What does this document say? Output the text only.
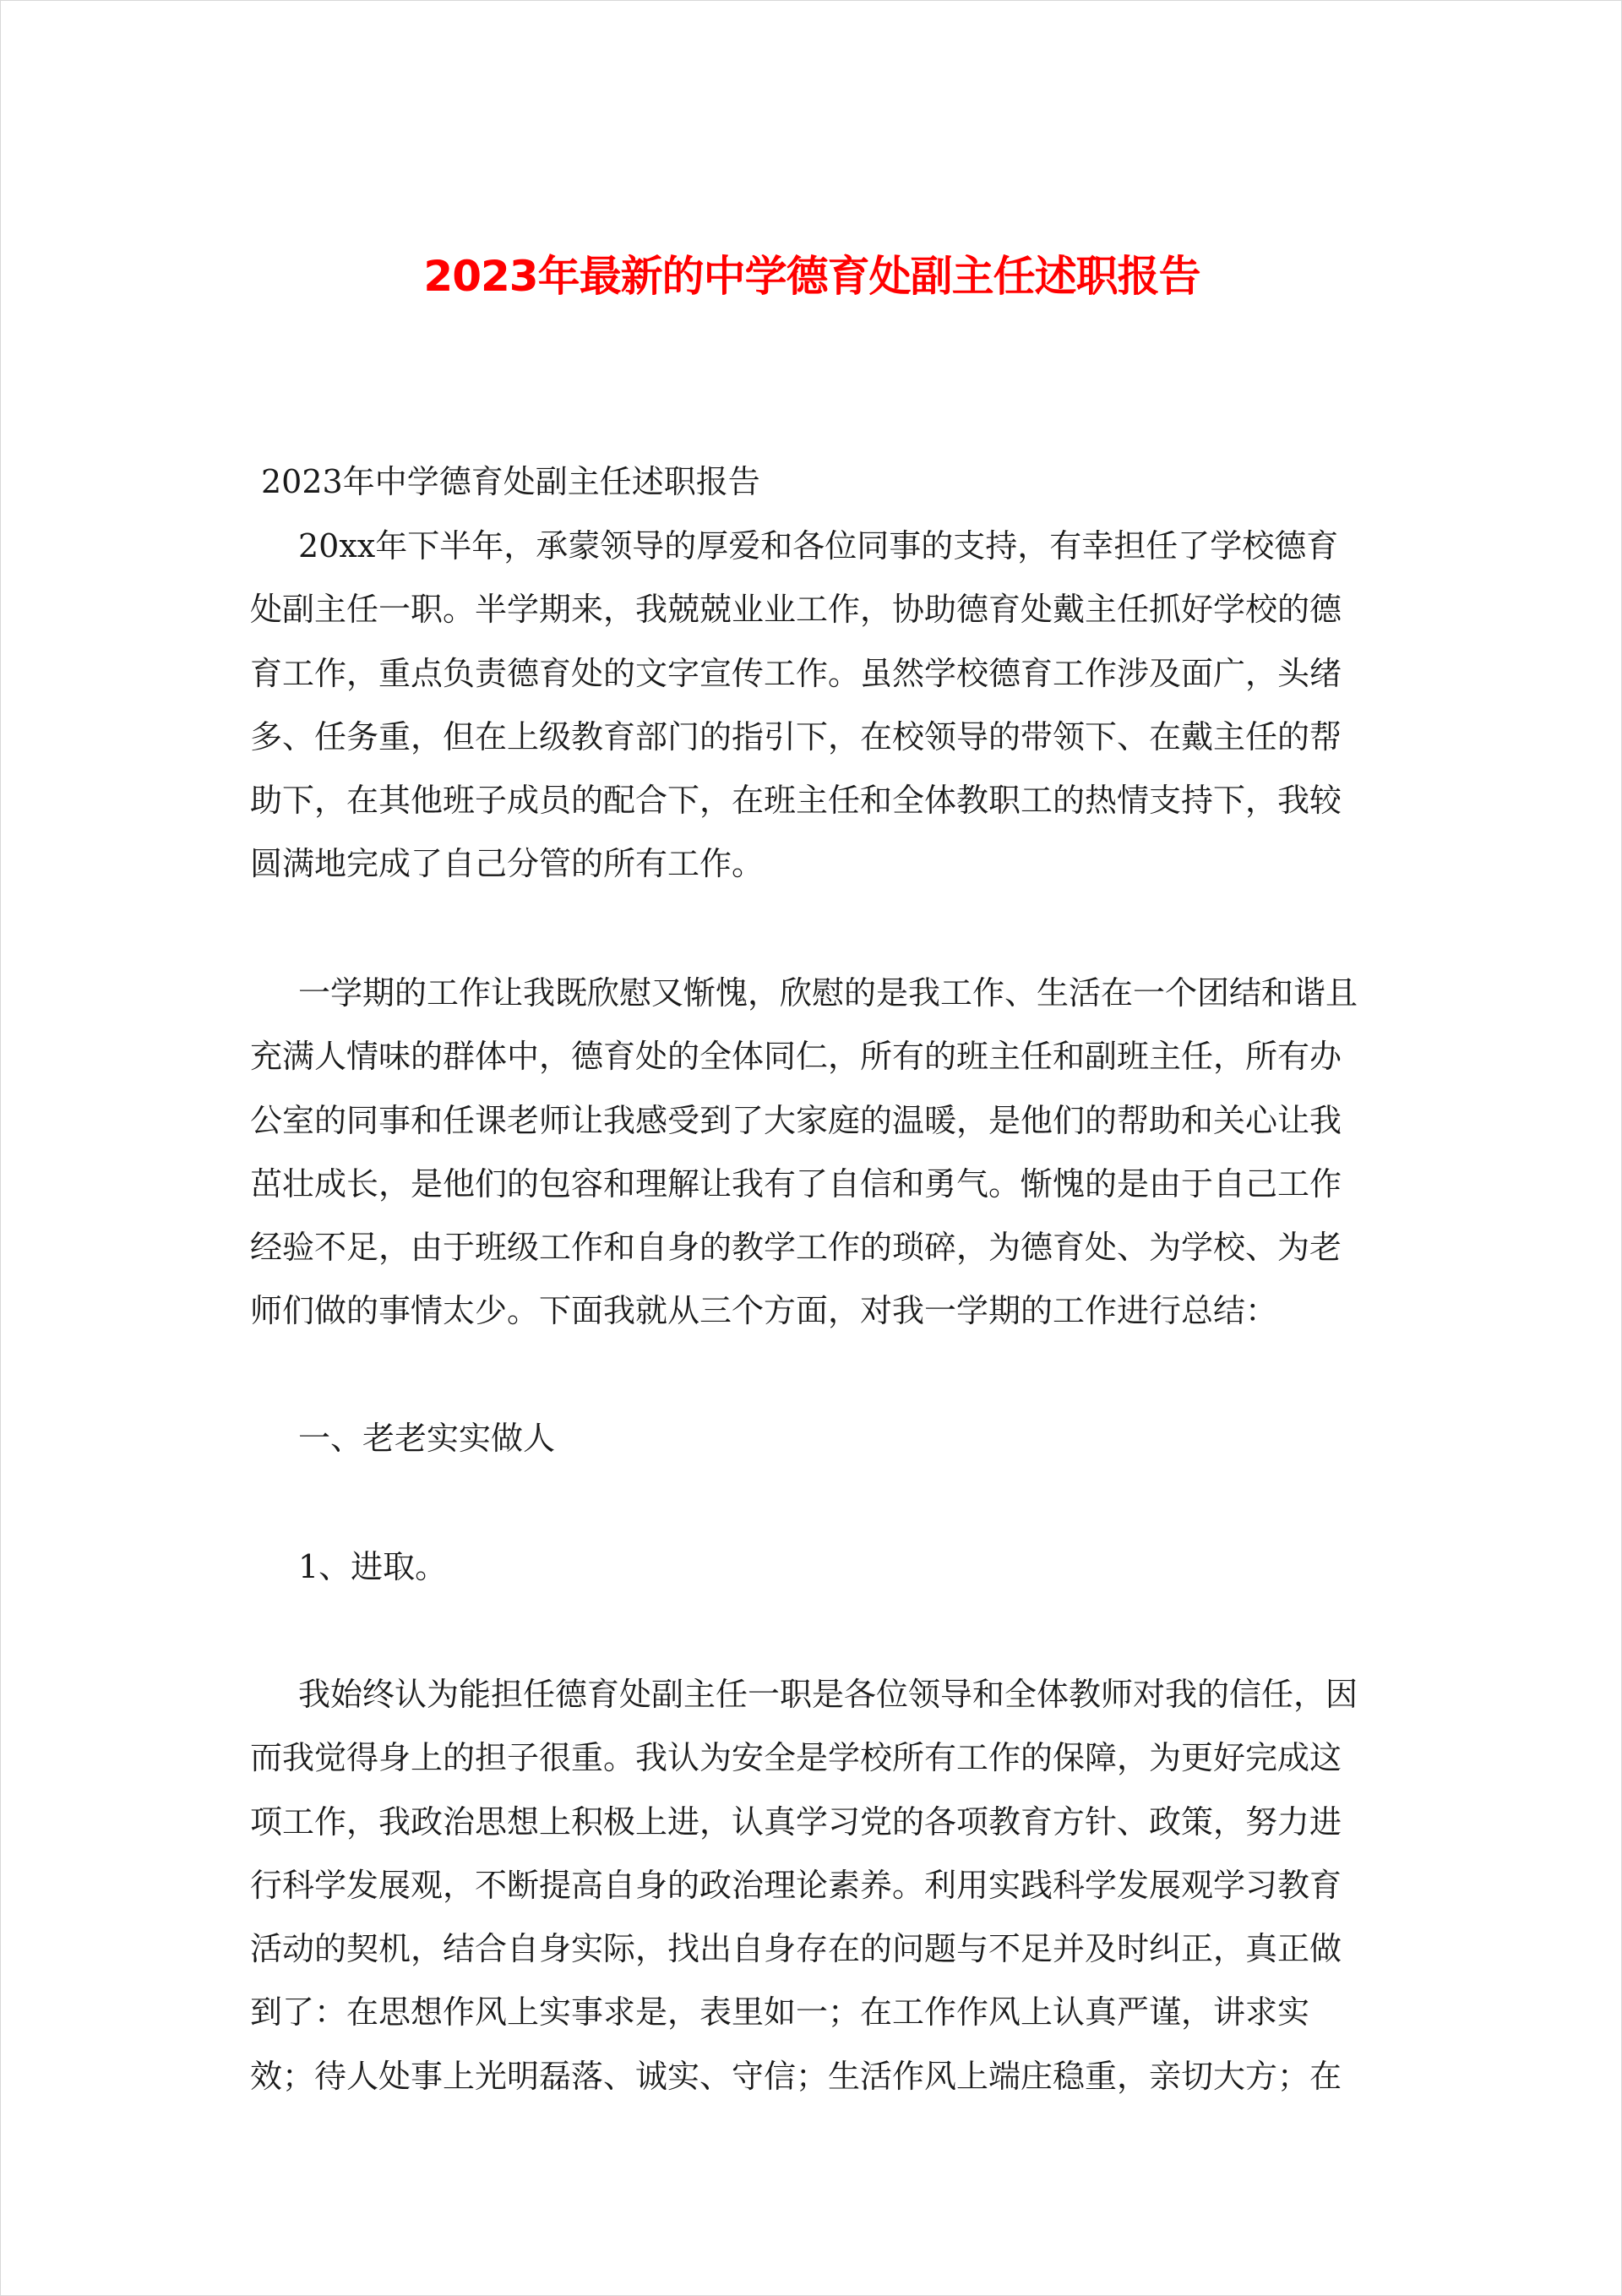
2023年最新的中学德育处副主任述职报告
2023年中学德育处副主任述职报告
20xx年下半年，承蒙领导的厚爱和各位同事的支持，有幸担任了学校德育
处副主任一职。半学期来，我兢兢业业工作，协助德育处戴主任抓好学校的德
育工作，重点负责德育处的文字宣传工作。虽然学校德育工作涉及面广，头绪
多、任务重，但在上级教育部门的指引下，在校领导的带领下、在戴主任的帮
助下，在其他班子成员的配合下，在班主任和全体教职工的热情支持下，我较
圆满地完成了自己分管的所有工作。
一学期的工作让我既欣慰又惭愧，欣慰的是我工作、生活在一个团结和谐且
充满人情味的群体中，德育处的全体同仁，所有的班主任和副班主任，所有办
公室的同事和任课老师让我感受到了大家庭的温暖，是他们的帮助和关心让我
茁壮成长，是他们的包容和理解让我有了自信和勇气。惭愧的是由于自己工作
经验不足，由于班级工作和自身的教学工作的琐碎，为德育处、为学校、为老
师们做的事情太少。下面我就从三个方面，对我一学期的工作进行总结：
一、老老实实做人
1、进取。
我始终认为能担任德育处副主任一职是各位领导和全体教师对我的信任，因
而我觉得身上的担子很重。我认为安全是学校所有工作的保障，为更好完成这
项工作，我政治思想上积极上进，认真学习党的各项教育方针、政策，努力进
行科学发展观，不断提高自身的政治理论素养。利用实践科学发展观学习教育
活动的契机，结合自身实际，找出自身存在的问题与不足并及时纠正，真正做
到了：在思想作风上实事求是，表里如一；在工作作风上认真严谨，讲求实
效；待人处事上光明磊落、诚实、守信；生活作风上端庄稳重，亲切大方；在
